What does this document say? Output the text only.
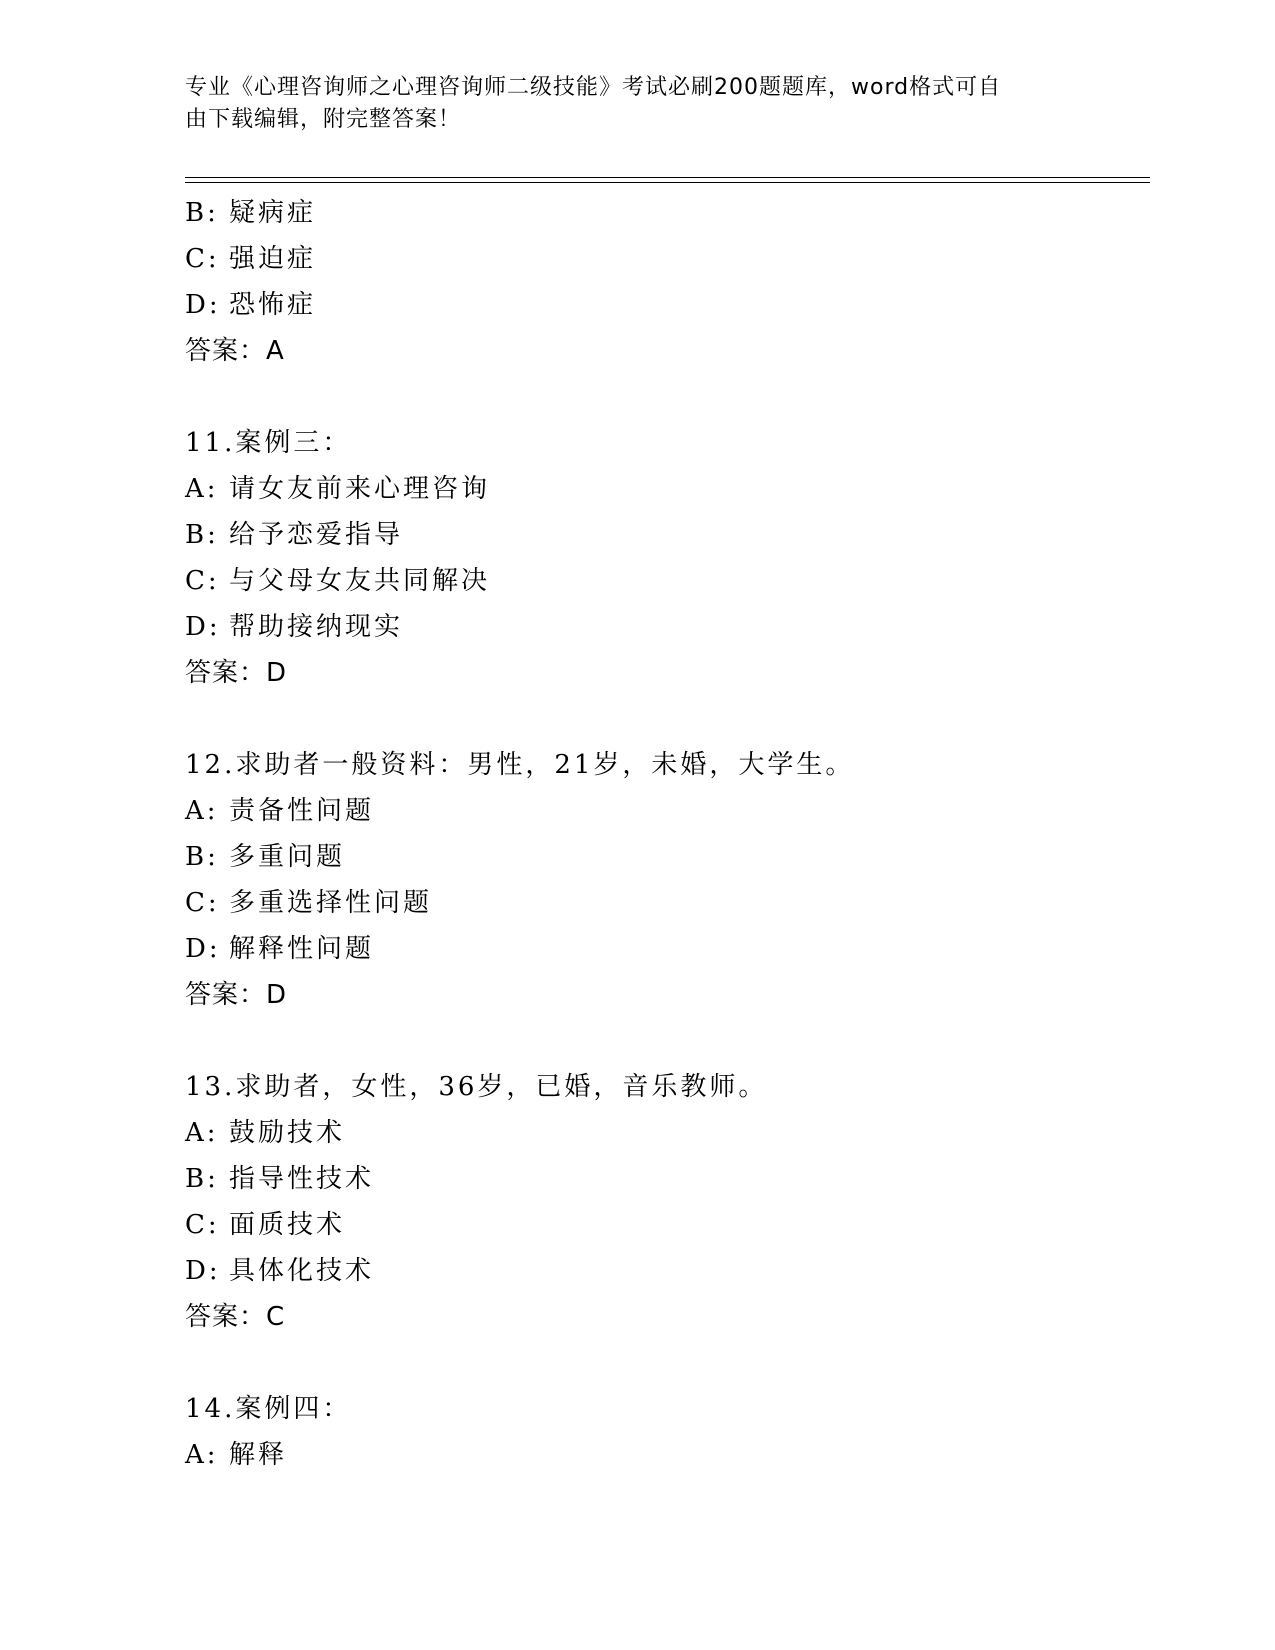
专业《心理咨询师之心理咨询师二级技能》考试必刷200题题库，word格式可自

由下载编辑，附完整答案！

B: 疑病症
C: 强迫症
D: 恐怖症
答案：A
11.案例三：
A: 请女友前来心理咨询
B: 给予恋爱指导
C: 与父母女友共同解决
D: 帮助接纳现实
答案：D
12.求助者一般资料：男性，21岁，未婚，大学生。
A: 责备性问题
B: 多重问题
C: 多重选择性问题
D: 解释性问题
答案：D
13.求助者，女性，36岁，已婚，音乐教师。
A: 鼓励技术
B: 指导性技术
C: 面质技术
D: 具体化技术
答案：C
14.案例四：
A: 解释
